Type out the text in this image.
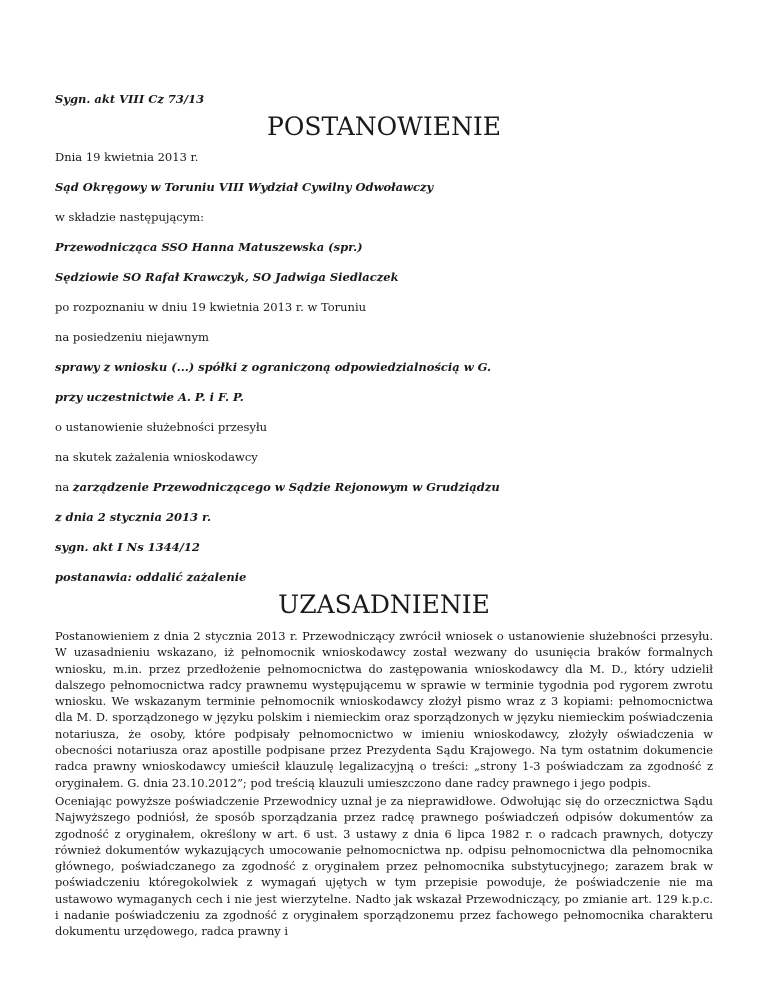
Sygn. akt VIII Cz 73/13
POSTANOWIENIE
Dnia 19 kwietnia 2013 r.
Sąd Okręgowy w Toruniu VIII Wydział Cywilny Odwoławczy
w składzie następującym:
Przewodnicząca SSO Hanna Matuszewska (spr.)
Sędziowie SO Rafał Krawczyk, SO Jadwiga Siedlaczek
po rozpoznaniu w dniu 19 kwietnia 2013 r. w Toruniu
na posiedzeniu niejawnym
sprawy z wniosku (...) spółki z ograniczoną odpowiedzialnością w G.
przy uczestnictwie A. P. i F. P.
o ustanowienie służebności przesyłu
na skutek zażalenia wnioskodawcy
na zarządzenie Przewodniczącego w Sądzie Rejonowym w Grudziądzu
z dnia 2 stycznia 2013 r.
sygn. akt I Ns 1344/12
postanawia: oddalić zażalenie
UZASADNIENIE
Postanowieniem z dnia 2 stycznia 2013 r. Przewodniczący zwrócił wniosek o ustanowienie służebności przesyłu. W uzasadnieniu wskazano, iż pełnomocnik wnioskodawcy został wezwany do usunięcia braków formalnych wniosku, m.in. przez przedłożenie pełnomocnictwa do zastępowania wnioskodawcy dla M. D., który udzielił dalszego pełnomocnictwa radcy prawnemu występującemu w sprawie w terminie tygodnia pod rygorem zwrotu wniosku. We wskazanym terminie pełnomocnik wnioskodawcy złożył pismo wraz z 3 kopiami: pełnomocnictwa dla M. D. sporządzonego w języku polskim i niemieckim oraz sporządzonych w języku niemieckim poświadczenia notariusza, że osoby, które podpisały pełnomocnictwo w imieniu wnioskodawcy, złożyły oświadczenia w obecności notariusza oraz apostille podpisane przez Prezydenta Sądu Krajowego. Na tym ostatnim dokumencie radca prawny wnioskodawcy umieścił klauzulę legalizacyjną o treści: „strony 1-3 poświadczam za zgodność z oryginałem. G. dnia 23.10.2012”; pod treścią klauzuli umieszczono dane radcy prawnego i jego podpis.
Oceniając powyższe poświadczenie Przewodnicy uznał je za nieprawidłowe. Odwołując się do orzecznictwa Sądu Najwyższego podniósł, że sposób sporządzania przez radcę prawnego poświadczeń odpisów dokumentów za zgodność z oryginałem, określony w art. 6 ust. 3 ustawy z dnia 6 lipca 1982 r. o radcach prawnych, dotyczy również dokumentów wykazujących umocowanie pełnomocnictwa np. odpisu pełnomocnictwa dla pełnomocnika głównego, poświadczanego za zgodność z oryginałem przez pełnomocnika substytucyjnego; zarazem brak w poświadczeniu któregokolwiek z wymagań ujętych w tym przepisie powoduje, że poświadczenie nie ma ustawowo wymaganych cech i nie jest wierzytelne. Nadto jak wskazał Przewodniczący, po zmianie art. 129 k.p.c. i nadanie poświadczeniu za zgodność z oryginałem sporządzonemu przez fachowego pełnomocnika charakteru dokumentu urzędowego, radca prawny i
